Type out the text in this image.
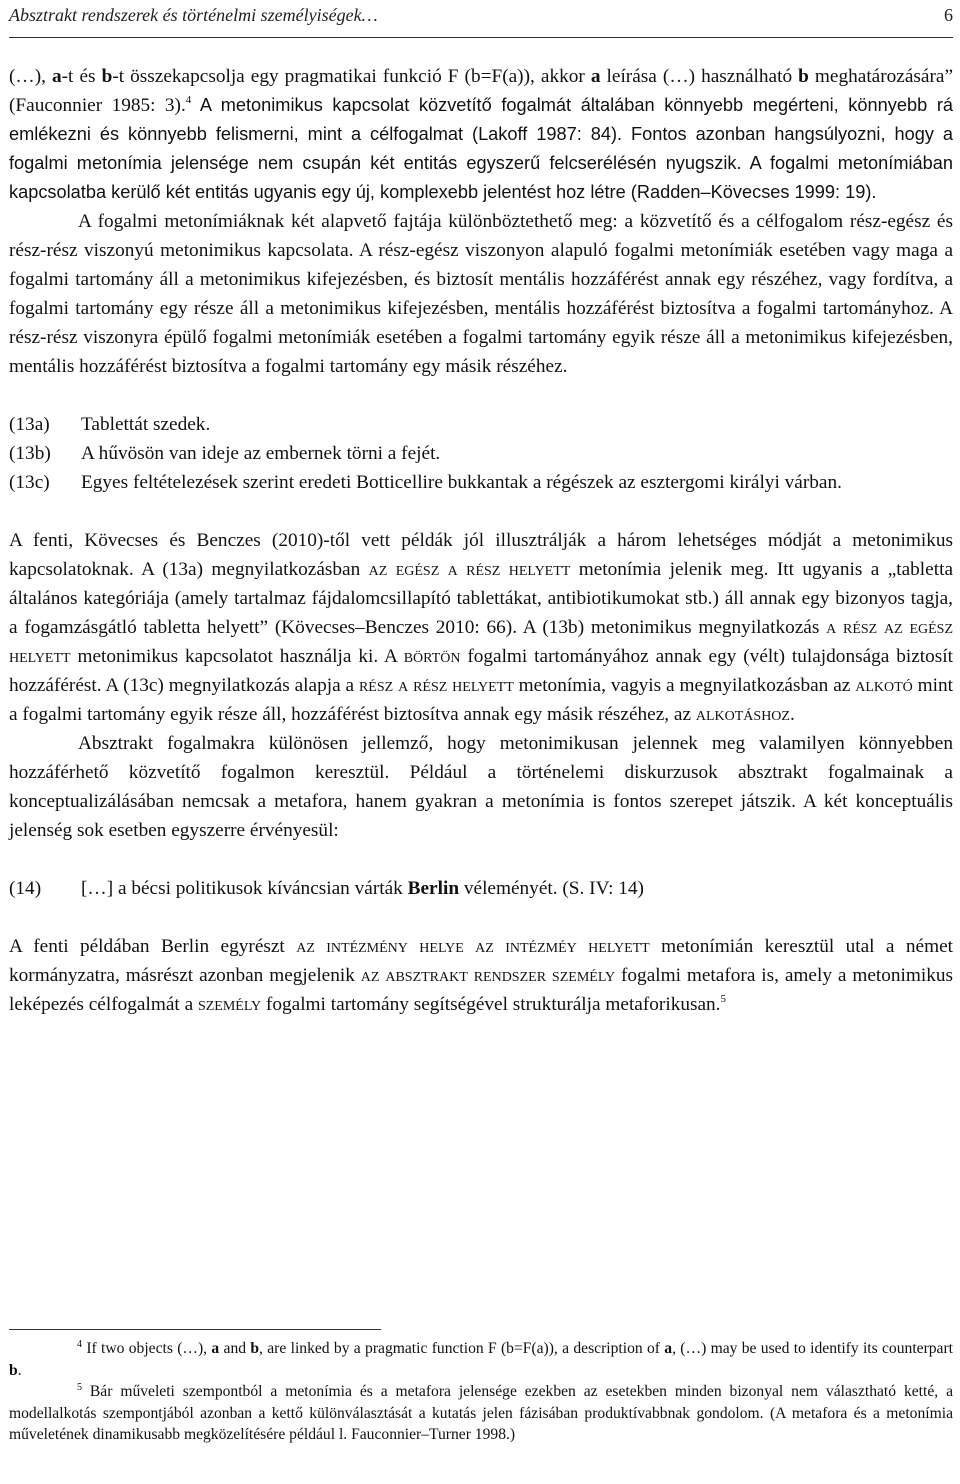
Absztrakt rendszerek és történelmi személyiségek…	6

(…), a-t és b-t összekapcsolja egy pragmatikai funkció F (b=F(a)), akkor a leírása (…) használható b meghatározására” (Fauconnier 1985: 3).$^4$ A metonimikus kapcsolat közvetítő fogalmát általában könnyebb megérteni, könnyebb rá emlékezni és könnyebb felismerni, mint a célfogalmat (Lakoff 1987: 84). Fontos azonban hangsúlyozni, hogy a fogalmi metonímia jelensége nem csupán két entitás egyszerű felcserélésén nyugszik. A fogalmi metonímiában kapcsolatba kerülő két entitás ugyanis egy új, komplexebb jelentést hoz létre (Radden–Kövecses 1999: 19).

A fogalmi metonímiáknak két alapvető fajtája különböztethető meg: a közvetítő és a célfogalom rész-egész és rész-rész viszonyú metonimikus kapcsolata. A rész-egész viszonyon alapuló fogalmi metonímiák esetében vagy maga a fogalmi tartomány áll a metonimikus kifejezésben, és biztosít mentális hozzáférést annak egy részéhez, vagy fordítva, a fogalmi tartomány egy része áll a metonimikus kifejezésben, mentális hozzáférést biztosítva a fogalmi tartományhoz. A rész-rész viszonyra épülő fogalmi metonímiák esetében a fogalmi tartomány egyik része áll a metonimikus kifejezésben, mentális hozzáférést biztosítva a fogalmi tartomány egy másik részéhez.

(13a)	Tablettát szedek.
(13b)	A hűvösön van ideje az embernek törni a fejét.
(13c)	Egyes feltételezések szerint eredeti Botticellire bukkantak a régészek az esztergomi királyi várban.

A fenti, Kövecses és Benczes (2010)-től vett példák jól illusztrálják a három lehetséges módját a metonimikus kapcsolatoknak. A (13a) megnyilatkozásban az egész a rész helyett metonímia jelenik meg. Itt ugyanis a „tabletta általános kategóriája (amely tartalmaz fájdalomcsillapító tablettákat, antibiotikumokat stb.) áll annak egy bizonyos tagja, a fogamzásgátló tabletta helyett” (Kövecses–Benczes 2010: 66). A (13b) metonimikus megnyilatkozás a rész az egész helyett metonimikus kapcsolatot használja ki. A börtön fogalmi tartományához annak egy (vélt) tulajdonsága biztosít hozzáférést. A (13c) megnyilatkozás alapja a rész a rész helyett metonímia, vagyis a megnyilatkozásban az alkotó mint a fogalmi tartomány egyik része áll, hozzáférést biztosítva annak egy másik részéhez, az alkotáshoz.

Absztrakt fogalmakra különösen jellemző, hogy metonimikusan jelennek meg valamilyen könnyebben hozzáférhető közvetítő fogalmon keresztül. Például a történelemi diskurzusok absztrakt fogalmainak a konceptualizálásában nemcsak a metafora, hanem gyakran a metonímia is fontos szerepet játszik. A két konceptuális jelenség sok esetben egyszerre érvényesül:

(14)	[…] a bécsi politikusok kíváncsian várták Berlin véleményét. (S. IV: 14)

A fenti példában Berlin egyrészt az intézmény helye az intézméy helyett metonímián keresztül utal a német kormányzatra, másrészt azonban megjelenik az absztrakt rendszer személy fogalmi metafora is, amely a metonimikus leképezés célfogalmát a személy fogalmi tartomány segítségével strukturálja metaforikusan.$^5$

$^4$ If two objects (…), a and b, are linked by a pragmatic function F (b=F(a)), a description of a, (…) may be used to identify its counterpart b.

$^5$ Bár műveleti szempontból a metonímia és a metafora jelensége ezekben az esetekben minden bizonyal nem választható ketté, a modellalkotás szempontjából azonban a kettő különválasztását a kutatás jelen fázisában produktívabbnak gondolom. (A metafora és a metonímia műveletének dinamikusabb megközelítésére például l. Fauconnier–Turner 1998.)
